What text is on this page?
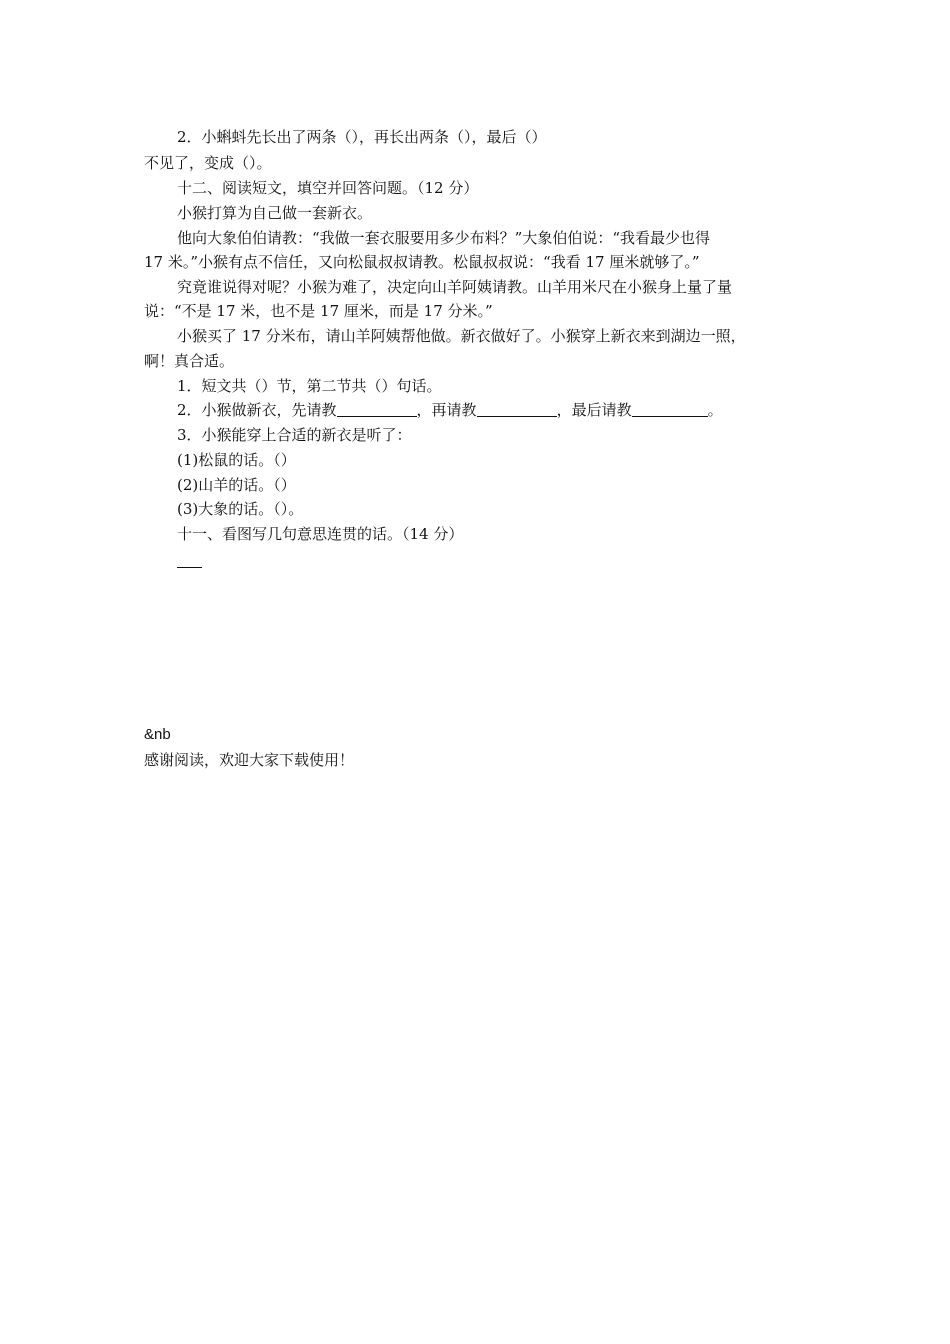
2．小蝌蚪先长出了两条（），再长出两条（），最后（）
不见了，变成（）。
十二、阅读短文，填空并回答问题。（12 分）
小猴打算为自己做一套新衣。
他向大象伯伯请教：“我做一套衣服要用多少布料？”大象伯伯说：“我看最少也得
17 米。”小猴有点不信任，又向松鼠叔叔请教。松鼠叔叔说：“我看 17 厘米就够了。”
究竟谁说得对呢？小猴为难了，决定向山羊阿姨请教。山羊用米尺在小猴身上量了量
说：“不是 17 米，也不是 17 厘米，而是 17 分米。”
小猴买了 17 分米布，请山羊阿姨帮他做。新衣做好了。小猴穿上新衣来到湖边一照，
啊！真合适。
1．短文共（）节，第二节共（）句话。
2．小猴做新衣，先请教	，再请教	，最后请教	。
3．小猴能穿上合适的新衣是听了：
(1)松鼠的话。（）
(2)山羊的话。（）
(3)大象的话。（）。
十一、看图写几句意思连贯的话。（14 分）
&nb
感谢阅读，欢迎大家下载使用！
